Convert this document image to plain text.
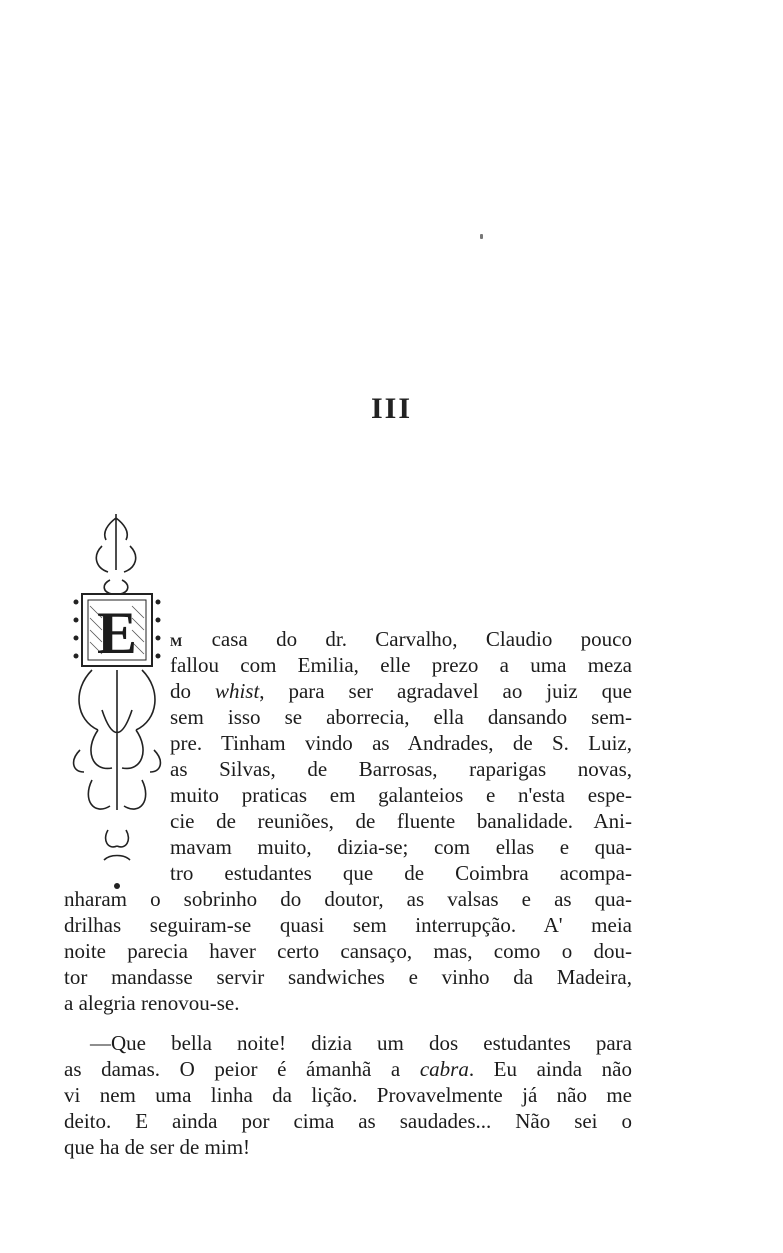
III
E	M casa do dr. Carvalho, Claudio pouco
fallou com Emilia, elle prezo a uma meza
do whist, para ser agradavel ao juiz que
sem isso se aborrecia, ella dansando sem-
pre. Tinham vindo as Andrades, de S. Luiz,
as Silvas, de Barrosas, raparigas novas,
muito praticas em galanteios e n'esta espe-
cie de reuniões, de fluente banalidade. Ani-
mavam muito, dizia-se; com ellas e qua-
tro estudantes que de Coimbra acompa-
nharam o sobrinho do doutor, as valsas e as qua-
drilhas seguiram-se quasi sem interrupção. A' meia
noite parecia haver certo cansaço, mas, como o dou-
tor mandasse servir sandwiches e vinho da Madeira,
a alegria renovou-se.
—Que bella noite! dizia um dos estudantes para
as damas. O peior é ámanhã a cabra. Eu ainda não
vi nem uma linha da lição. Provavelmente já não me
deito. E ainda por cima as saudades... Não sei o
que ha de ser de mim!
